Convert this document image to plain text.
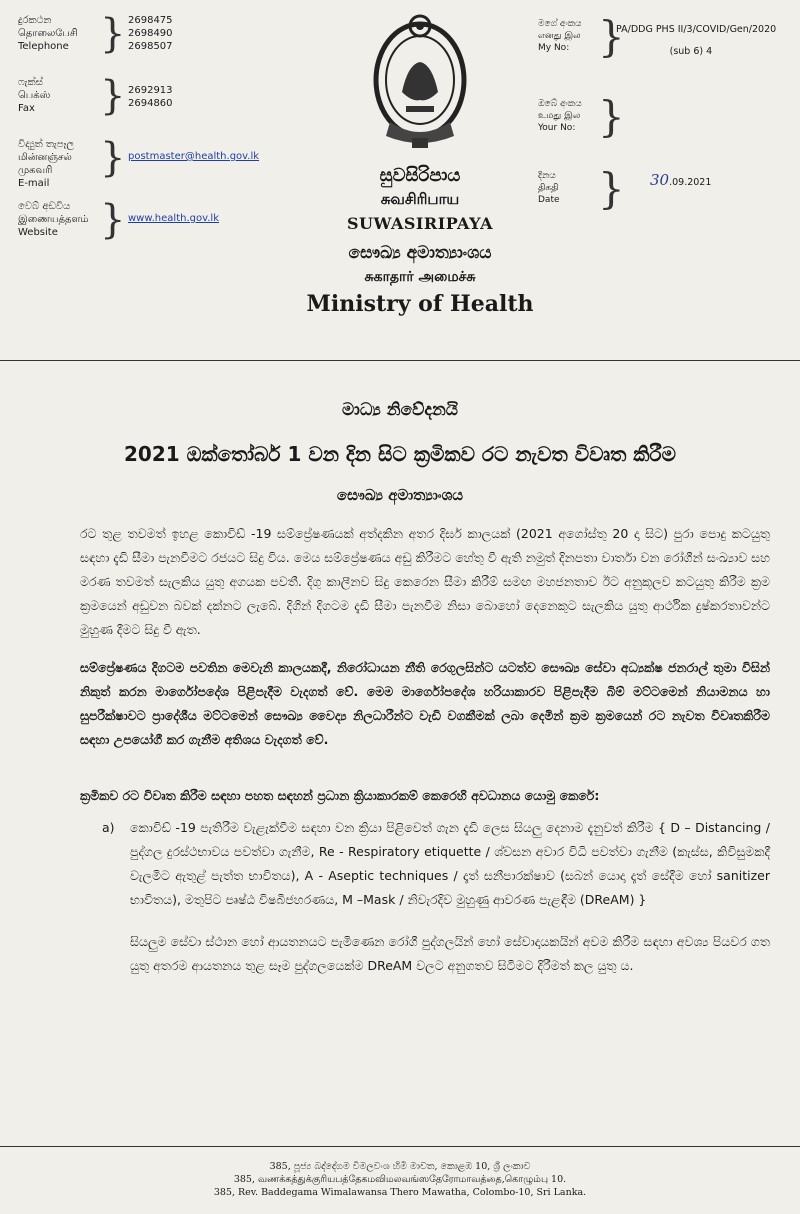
දුරකථන
தொலைபேசி
Telephone } 2698475
2698490
2698507
ෆැක්ස්
பெக்ஸ்
Fax	} 2692913
2694860
විද්‍යුත් තැපෑල
மின்னஞ்சல் முகவரி
E-mail
} postmaster@health.gov.lk
වෙබ් අඩවිය
இணையத்தளம்
Website	} www.health.gov.lk
මගේ අංකය
எனது இல
My No: }
PA/DDG PHS II/3/COVID/Gen/2020
(sub 6) 4
ඔබේ අංකය
உமது இல
Your No: }
දිනය
திகதி
Date } 30.09.2021
සුවසිරිපාය
சுவசிரிபாய
SUWASIRIPAYA
සෞඛ්‍ය අමාත්‍යාංශය
சுகாதார் அமைச்சு
Ministry of Health
මාධ්‍ය නිවේදනයි
2021 ඔක්තෝබර් 1 වන දින සිට ක්‍රමිකව රට නැවත විවෘත කිරීම
සෞඛ්‍ය අමාත්‍යාංශය

රට තුළ තවමත් ඉහළ කොවිඩ් -19 සම්ප්‍රේෂණයක් අත්දකින අතර දිර්ඝ කාලයක් (2021 අගෝස්තු 20 දා සිට) පුරා පොදු කටයුතු සඳහා දැඩි සීමා පැනවීමට රජයට සිදු විය. මෙය සම්ප්‍රේෂණය අඩු කිරීමට හේතු වී ඇති නමුත් දිනපතා වාර්තා වන රෝගීන් සංඛ්‍යාව සහ මරණ තවමත් සැලකිය යුතු අගයක පවතී. දිගු කාලීනව සිදු කෙරෙන සීමා කිරීම් සමඟ මහජනතාව ඊට අනුකූලව කටයුතු කිරීම ක්‍රම ක්‍රමයෙන් අඩුවන බවක් දක්නට ලැබේ. දිගින් දිගටම දැඩි සීමා පැනවීම නිසා බොහෝ දෙනෙකුට සැලකිය යුතු ආර්ථික දුෂ්කරතාවන්ට මුහුණ දීමට සිදු වී ඇත.

සම්ප්‍රේෂණය දිගටම පවතින මෙවැනි කාලයකදී, නිරෝධායන නීති රෙගුලසින්ට යටත්ව සෞඛ්‍ය සේවා අධ්‍යක්ෂ ජනරාල් තුමා විසින් නිකුත් කරන මාර්ගෝපදේශ පිළිපැදීම වැදගත් වේ. මෙම මාර්ගෝපදේශ හරියාකාරව පිළිපැදීම බිම් මට්ටමෙන් නියාමනය හා සුපරීක්ෂාවට ප්‍රාදේශීය මට්ටමෙන් සෞඛ්‍ය වෛද්‍ය නිලධාරීන්ට වැඩි වගකීමක් ලබා දෙමින් ක්‍රම ක්‍රමයෙන් රට නැවත විවෘතකිරීම සඳහා උපයෝගී කර ගැනීම අතිශය වැදගත් වේ.

ක්‍රමිකව රට විවෘත කිරීම සඳහා පහත සඳහන් ප්‍රධාන ක්‍රියාකාරකම් කෙරෙහි අවධානය යොමු කෙරේ:
a) කොවිඩ් -19 පැතිරීම වැළැක්වීම සඳහා වන ක්‍රියා පිළිවෙත් ගැන දැඩි ලෙස සියලු දෙනාම දැනුවත් කිරීම { D – Distancing / පුද්ගල දුරස්ථභාවය පවත්වා ගැනීම, Re - Respiratory etiquette / ශ්වසන අවාර විධි පවත්වා ගැනීම (කැස්ස, කිවිසුමකදී වැලමිට ඇතුළ් පැත්ත භාවිතය), A - Aseptic techniques / දෑත් සනීපාරක්ෂාව (සබන් යොදා දෑත් සේදීම හෝ sanitizer භාවිතය), මතුපිට පෘෂ්ඨ විෂබීජහරණය, M –Mask / නිවැරදිව මුහුණු ආවරණ පැළඳීම (DReAM) }

සියලුම සේවා ස්ථාන හෝ ආයතනයට පැමිණෙන රෝගී පුද්ගලයින් හෝ සේවාදායකයින් අවම කිරීම සඳහා අවශ්‍ය පියවර ගත යුතු අතරම ආයතනය තුළ සෑම පුද්ගලයෙක්ම DReAM වලට අනුගතව සිටීමට දිරීමත් කල යුතු ය.

385, පූජ්‍ය බද්දේගම විමලවංශ හිමි මාවත, කොළඹ 10, ශ්‍රී ලංකාව
385, வணக்கத்துக்குரியபத்தேகமவிமலவங்ஸதேரோமாவத்தை,கொழும்பு 10.
385, Rev. Baddegama Wimalawansa Thero Mawatha, Colombo-10, Sri Lanka.
